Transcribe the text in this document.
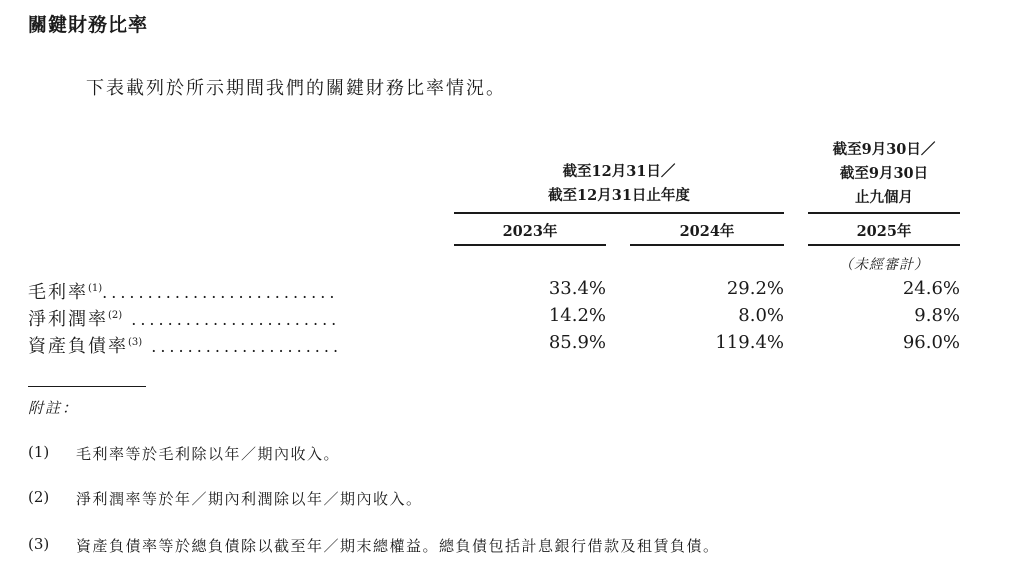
關鍵財務比率
下表載列於所示期間我們的關鍵財務比率情況。
截至12月31日／
截至12月31日止年度
截至9月30日／
截至9月30日
止九個月
2023年	2024年	2025年
（未經審計）
毛利率$^{(1)}$..........................	33.4%	29.2%	24.6%
淨利潤率$^{(2)}$ .......................	14.2%	8.0%	9.8%
資產負債率$^{(3)}$ .....................	85.9%	119.4%	96.0%
附註：
(1) 毛利率等於毛利除以年／期內收入。
(2) 淨利潤率等於年／期內利潤除以年／期內收入。
(3) 資產負債率等於總負債除以截至年／期末總權益。總負債包括計息銀行借款及租賃負債。
